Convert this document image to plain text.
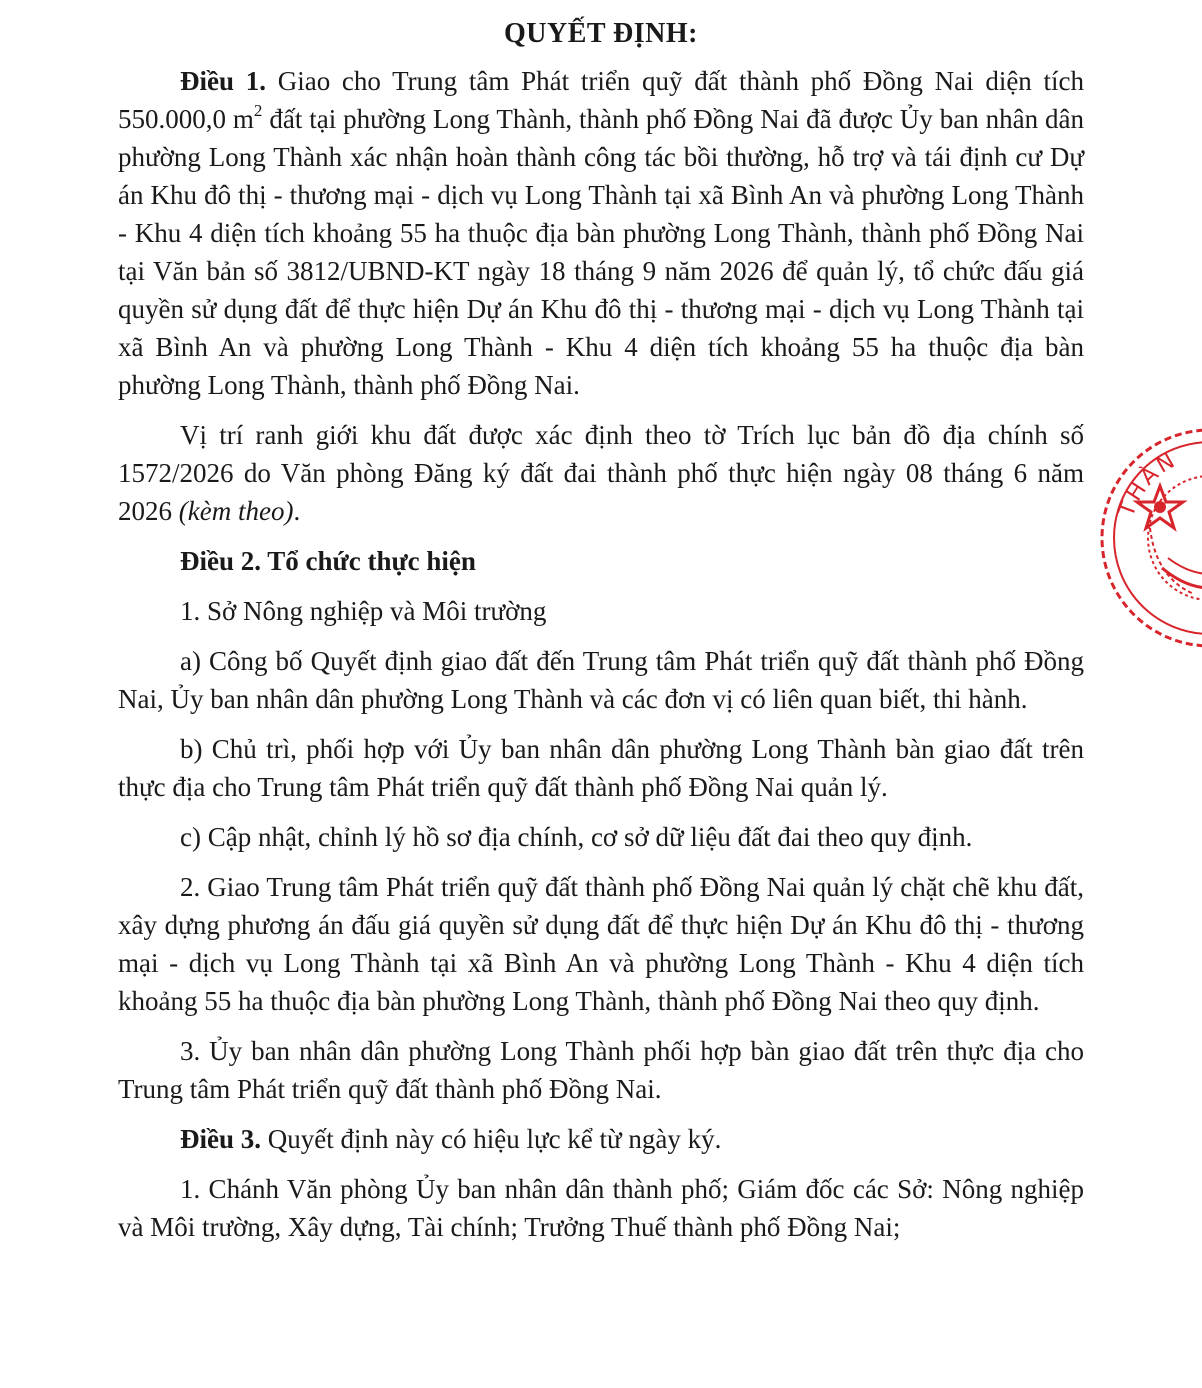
QUYẾT ĐỊNH:

Điều 1. Giao cho Trung tâm Phát triển quỹ đất thành phố Đồng Nai diện tích 550.000,0 $m^2$ đất tại phường Long Thành, thành phố Đồng Nai đã được Ủy ban nhân dân phường Long Thành xác nhận hoàn thành công tác bồi thường, hỗ trợ và tái định cư Dự án Khu đô thị - thương mại - dịch vụ Long Thành tại xã Bình An và phường Long Thành - Khu 4 diện tích khoảng 55 ha thuộc địa bàn phường Long Thành, thành phố Đồng Nai tại Văn bản số 3812/UBND-KT ngày 18 tháng 9 năm 2026 để quản lý, tổ chức đấu giá quyền sử dụng đất để thực hiện Dự án Khu đô thị - thương mại - dịch vụ Long Thành tại xã Bình An và phường Long Thành - Khu 4 diện tích khoảng 55 ha thuộc địa bàn phường Long Thành, thành phố Đồng Nai.

Vị trí ranh giới khu đất được xác định theo tờ Trích lục bản đồ địa chính số 1572/2026 do Văn phòng Đăng ký đất đai thành phố thực hiện ngày 08 tháng 6 năm 2026 (kèm theo).

Điều 2. Tổ chức thực hiện

1. Sở Nông nghiệp và Môi trường

a) Công bố Quyết định giao đất đến Trung tâm Phát triển quỹ đất thành phố Đồng Nai, Ủy ban nhân dân phường Long Thành và các đơn vị có liên quan biết, thi hành.

b) Chủ trì, phối hợp với Ủy ban nhân dân phường Long Thành bàn giao đất trên thực địa cho Trung tâm Phát triển quỹ đất thành phố Đồng Nai quản lý.

c) Cập nhật, chỉnh lý hồ sơ địa chính, cơ sở dữ liệu đất đai theo quy định.

2. Giao Trung tâm Phát triển quỹ đất thành phố Đồng Nai quản lý chặt chẽ khu đất, xây dựng phương án đấu giá quyền sử dụng đất để thực hiện Dự án Khu đô thị - thương mại - dịch vụ Long Thành tại xã Bình An và phường Long Thành - Khu 4 diện tích khoảng 55 ha thuộc địa bàn phường Long Thành, thành phố Đồng Nai theo quy định.

3. Ủy ban nhân dân phường Long Thành phối hợp bàn giao đất trên thực địa cho Trung tâm Phát triển quỹ đất thành phố Đồng Nai.

Điều 3. Quyết định này có hiệu lực kể từ ngày ký.

1. Chánh Văn phòng Ủy ban nhân dân thành phố; Giám đốc các Sở: Nông nghiệp và Môi trường, Xây dựng, Tài chính; Trưởng Thuế thành phố Đồng Nai;

THÀN
